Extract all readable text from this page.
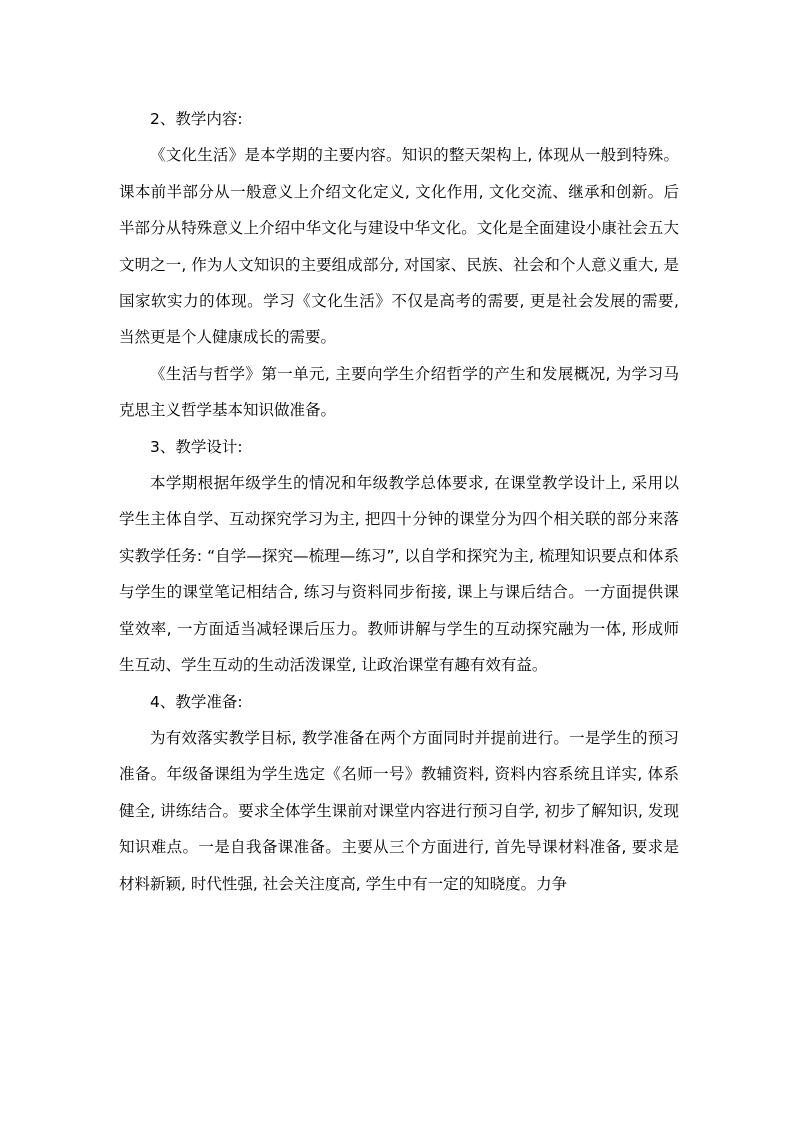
2、教学内容:

《文化生活》是本学期的主要内容。知识的整天架构上, 体现从一般到特殊。课本前半部分从一般意义上介绍文化定义, 文化作用, 文化交流、继承和创新。后半部分从特殊意义上介绍中华文化与建设中华文化。文化是全面建设小康社会五大文明之一, 作为人文知识的主要组成部分, 对国家、民族、社会和个人意义重大, 是国家软实力的体现。学习《文化生活》不仅是高考的需要, 更是社会发展的需要, 当然更是个人健康成长的需要。

《生活与哲学》第一单元, 主要向学生介绍哲学的产生和发展概况, 为学习马克思主义哲学基本知识做准备。

3、教学设计:

本学期根据年级学生的情况和年级教学总体要求, 在课堂教学设计上, 采用以学生主体自学、互动探究学习为主, 把四十分钟的课堂分为四个相关联的部分来落实教学任务: “自学—探究—梳理—练习”, 以自学和探究为主, 梳理知识要点和体系与学生的课堂笔记相结合, 练习与资料同步衔接, 课上与课后结合。一方面提供课堂效率, 一方面适当减轻课后压力。教师讲解与学生的互动探究融为一体, 形成师生互动、学生互动的生动活泼课堂, 让政治课堂有趣有效有益。

4、教学准备:

为有效落实教学目标, 教学准备在两个方面同时并提前进行。一是学生的预习准备。年级备课组为学生选定《名师一号》教辅资料, 资料内容系统且详实, 体系健全, 讲练结合。要求全体学生课前对课堂内容进行预习自学, 初步了解知识, 发现知识难点。一是自我备课准备。主要从三个方面进行, 首先导课材料准备, 要求是材料新颖, 时代性强, 社会关注度高, 学生中有一定的知晓度。力争
